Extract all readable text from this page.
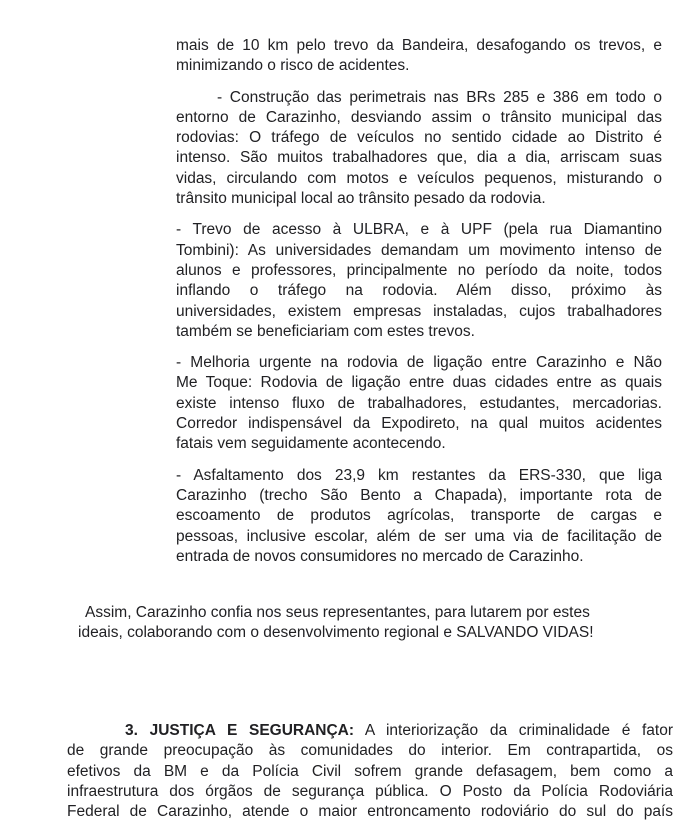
mais de 10 km pelo trevo da Bandeira, desafogando os trevos, e
minimizando o risco de acidentes.

- Construção das perimetrais nas BRs 285 e 386 em todo o
entorno de Carazinho, desviando assim o trânsito municipal das
rodovias: O tráfego de veículos no sentido cidade ao Distrito é
intenso. São muitos trabalhadores que, dia a dia, arriscam suas
vidas, circulando com motos e veículos pequenos, misturando o
trânsito municipal local ao trânsito pesado da rodovia.

- Trevo de acesso à ULBRA, e à UPF (pela rua Diamantino
Tombini): As universidades demandam um movimento intenso de
alunos e professores, principalmente no período da noite, todos
inflando o tráfego na rodovia. Além disso, próximo às
universidades, existem empresas instaladas, cujos trabalhadores
também se beneficiariam com estes trevos.

- Melhoria urgente na rodovia de ligação entre Carazinho e Não
Me Toque: Rodovia de ligação entre duas cidades entre as quais
existe intenso fluxo de trabalhadores, estudantes, mercadorias.
Corredor indispensável da Expodireto, na qual muitos acidentes
fatais vem seguidamente acontecendo.

- Asfaltamento dos 23,9 km restantes da ERS-330, que liga
Carazinho (trecho São Bento a Chapada), importante rota de
escoamento de produtos agrícolas, transporte de cargas e
pessoas, inclusive escolar, além de ser uma via de facilitação de
entrada de novos consumidores no mercado de Carazinho.

Assim, Carazinho confia nos seus representantes, para lutarem por estes
ideais, colaborando com o desenvolvimento regional e SALVANDO VIDAS!

3. JUSTIÇA E SEGURANÇA: A interiorização da criminalidade é fator
de grande preocupação às comunidades do interior. Em contrapartida, os
efetivos da BM e da Polícia Civil sofrem grande defasagem, bem como a
infraestrutura dos órgãos de segurança pública. O Posto da Polícia Rodoviária
Federal de Carazinho, atende o maior entroncamento rodoviário do sul do país
